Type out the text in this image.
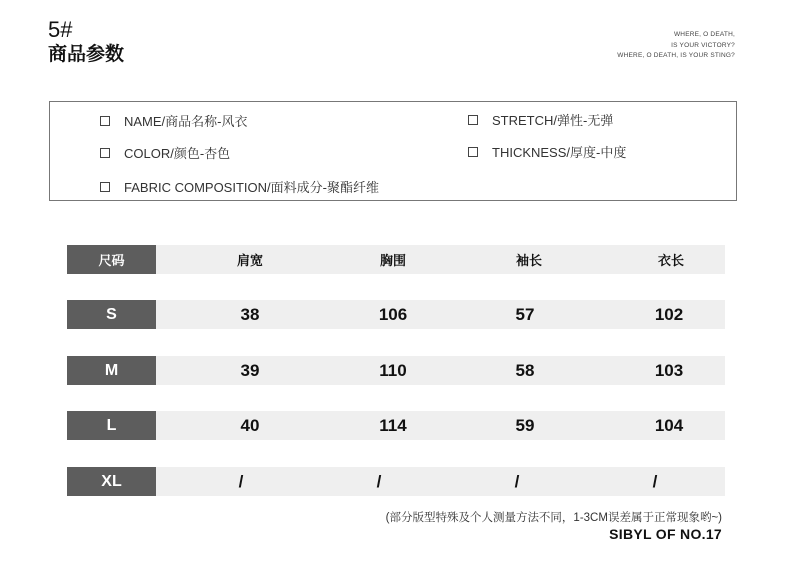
5#
商品参数
WHERE, O DEATH,
IS YOUR VICTORY?
WHERE, O DEATH, IS YOUR STING?
NAME/商品名称-风衣	STRETCH/弹性-无弹
COLOR/颜色-杏色	THICKNESS/厚度-中度
FABRIC COMPOSITION/面料成分-聚酯纤维
尺码	肩宽	胸围	袖长	衣长
S	38	106	57	102
M	39	110	58	103
L	40	114	59	104
XL	/	/	/	/
(部分版型特殊及个人测量方法不同，1-3CM误差属于正常现象哟~)
SIBYL OF NO.17
